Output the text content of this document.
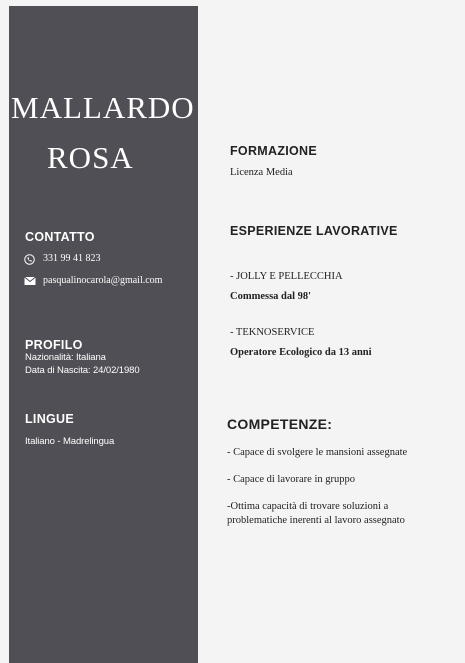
MALLARDO
ROSA
CONTATTO
331 99 41 823
pasqualinocarola@gmail.com
PROFILO
Nazionalità: Italiana
Data di Nascita: 24/02/1980
LINGUE
Italiano - Madrelingua
FORMAZIONE
Licenza Media
ESPERIENZE LAVORATIVE
- JOLLY E PELLECCHIA
Commessa dal 98'
- TEKNOSERVICE
Operatore Ecologico da 13 anni
COMPETENZE:
- Capace di svolgere le mansioni assegnate
- Capace di lavorare in gruppo
-Ottima capacità di trovare soluzioni a
problematiche inerenti al lavoro assegnato
